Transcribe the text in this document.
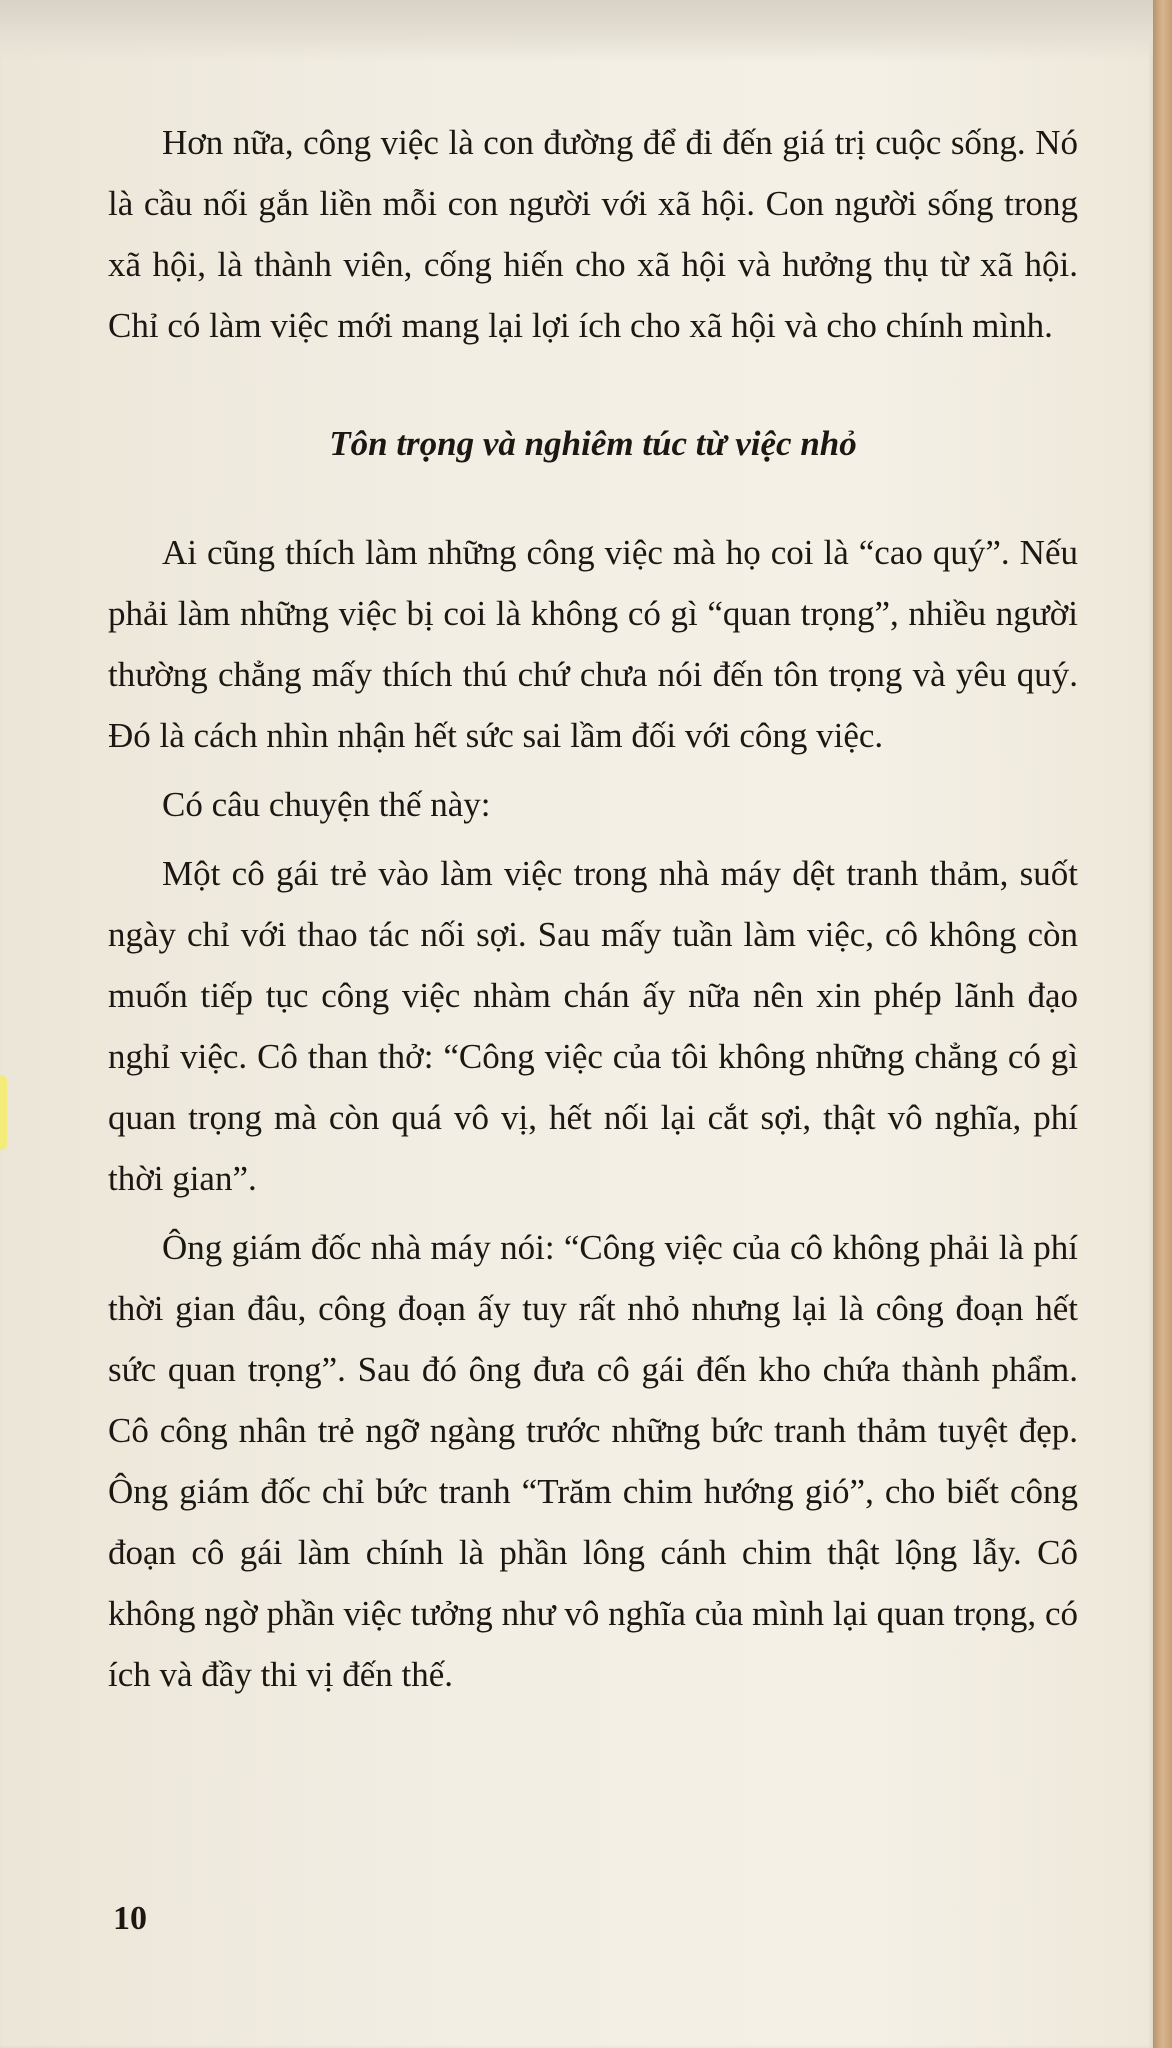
Hơn nữa, công việc là con đường để đi đến giá trị cuộc sống. Nó là cầu nối gắn liền mỗi con người với xã hội. Con người sống trong xã hội, là thành viên, cống hiến cho xã hội và hưởng thụ từ xã hội. Chỉ có làm việc mới mang lại lợi ích cho xã hội và cho chính mình.

Tôn trọng và nghiêm túc từ việc nhỏ

Ai cũng thích làm những công việc mà họ coi là “cao quý”. Nếu phải làm những việc bị coi là không có gì “quan trọng”, nhiều người thường chẳng mấy thích thú chứ chưa nói đến tôn trọng và yêu quý. Đó là cách nhìn nhận hết sức sai lầm đối với công việc.

Có câu chuyện thế này:

Một cô gái trẻ vào làm việc trong nhà máy dệt tranh thảm, suốt ngày chỉ với thao tác nối sợi. Sau mấy tuần làm việc, cô không còn muốn tiếp tục công việc nhàm chán ấy nữa nên xin phép lãnh đạo nghỉ việc. Cô than thở: “Công việc của tôi không những chẳng có gì quan trọng mà còn quá vô vị, hết nối lại cắt sợi, thật vô nghĩa, phí thời gian”.

Ông giám đốc nhà máy nói: “Công việc của cô không phải là phí thời gian đâu, công đoạn ấy tuy rất nhỏ nhưng lại là công đoạn hết sức quan trọng”. Sau đó ông đưa cô gái đến kho chứa thành phẩm. Cô công nhân trẻ ngỡ ngàng trước những bức tranh thảm tuyệt đẹp. Ông giám đốc chỉ bức tranh “Trăm chim hướng gió”, cho biết công đoạn cô gái làm chính là phần lông cánh chim thật lộng lẫy. Cô không ngờ phần việc tưởng như vô nghĩa của mình lại quan trọng, có ích và đầy thi vị đến thế.

10
